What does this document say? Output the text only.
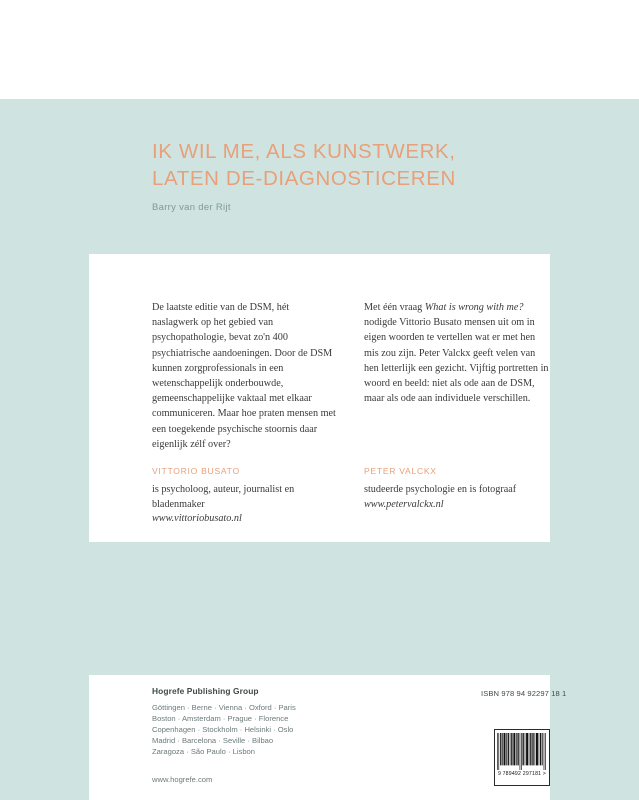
IK WIL ME, ALS KUNSTWERK,
LATEN DE-DIAGNOSTICEREN
Barry van der Rijt

De laatste editie van de DSM, hét naslagwerk op het gebied van psychopathologie, bevat zo'n 400 psychiatrische aandoeningen. Door de DSM kunnen zorgprofessionals in een wetenschappelijk onderbouwde, gemeenschappelijke vaktaal met elkaar communiceren. Maar hoe praten mensen met een toegekende psychische stoornis daar eigenlijk zélf over?

Met één vraag What is wrong with me? nodigde Vittorio Busato mensen uit om in eigen woorden te vertellen wat er met hen mis zou zijn. Peter Valckx geeft velen van hen letterlijk een gezicht. Vijftig portretten in woord en beeld: niet als ode aan de DSM, maar als ode aan individuele verschillen.

VITTORIO BUSATO
is psycholoog, auteur, journalist en bladenmaker
www.vittoriobusato.nl
PETER VALCKX
studeerde psychologie en is fotograaf
www.petervalckx.nl
Hogrefe Publishing Group
Göttingen · Berne · Vienna · Oxford · Paris
Boston · Amsterdam · Prague · Florence
Copenhagen · Stockholm · Helsinki · Oslo
Madrid · Barcelona · Seville · Bilbao
Zaragoza · São Paulo · Lisbon
www.hogrefe.com
ISBN 978 94 92297 18 1
9 789492 297181 >
